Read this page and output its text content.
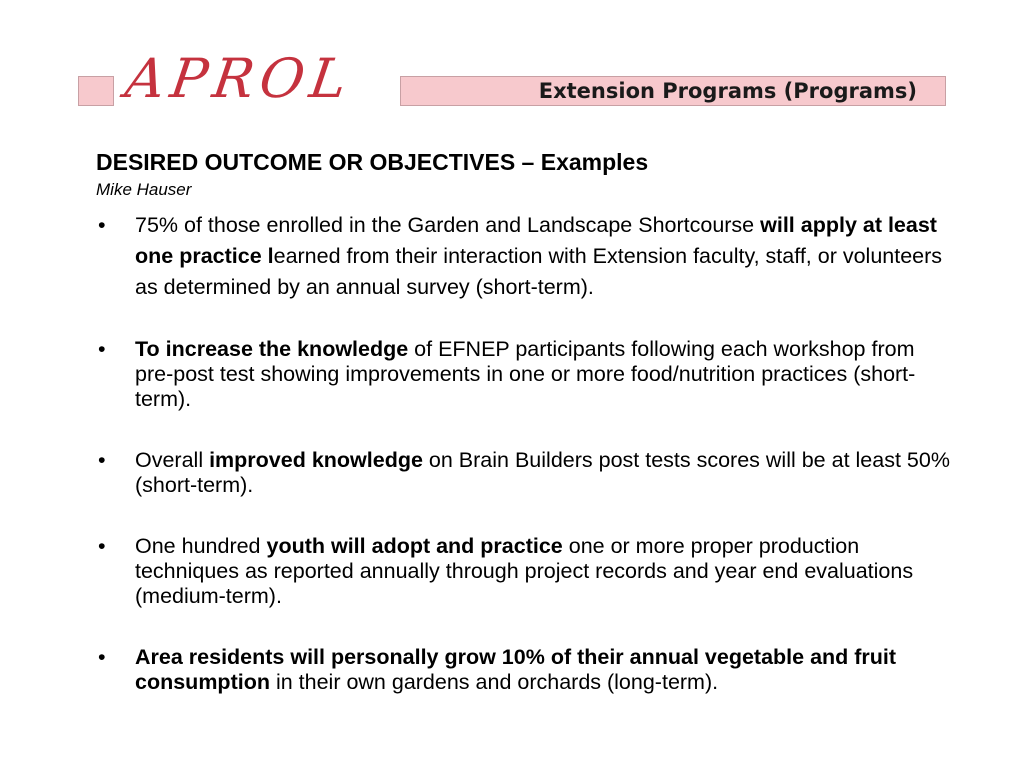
APROL	Extension Programs (Programs)
DESIRED OUTCOME OR OBJECTIVES – Examples
Mike Hauser
• 75% of those enrolled in the Garden and Landscape Shortcourse will apply at least one practice learned from their interaction with Extension faculty, staff, or volunteers as determined by an annual survey (short-term).
• To increase the knowledge of EFNEP participants following each workshop from pre-post test showing improvements in one or more food/nutrition practices (short-term).
• Overall improved knowledge on Brain Builders post tests scores will be at least 50% (short-term).
• One hundred youth will adopt and practice one or more proper production techniques as reported annually through project records and year end evaluations (medium-term).
• Area residents will personally grow 10% of their annual vegetable and fruit consumption in their own gardens and orchards (long-term).
